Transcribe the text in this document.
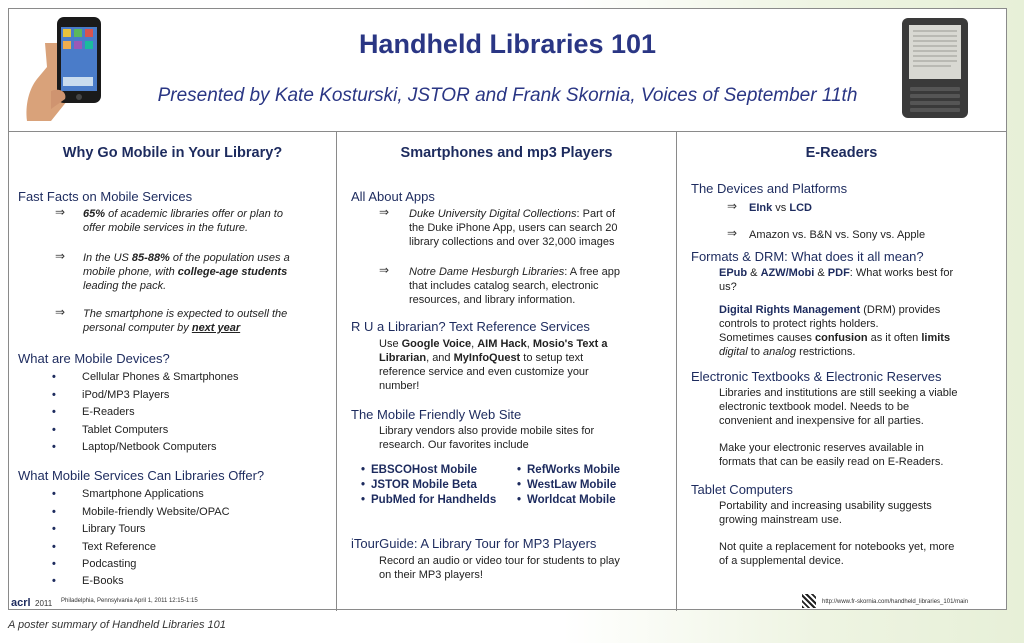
Handheld Libraries 101
Presented by Kate Kosturski, JSTOR and Frank Skornia, Voices of September 11th
Why Go Mobile in Your Library?
Fast Facts on Mobile Services
⇒ 65% of academic libraries offer or plan to
offer mobile services in the future.
⇒ In the US 85-88% of the population uses a
mobile phone, with college-age students
leading the pack.
⇒ The smartphone is expected to outsell the
personal computer by next year
What are Mobile Devices?
• Cellular Phones & Smartphones
• iPod/MP3 Players
• E-Readers
• Tablet Computers
• Laptop/Netbook Computers
What Mobile Services Can Libraries Offer?
• Smartphone Applications
• Mobile-friendly Website/OPAC
• Library Tours
• Text Reference
• Podcasting
• E-Books
acrl 2011 Philadelphia, Pennsylvania April 1, 2011 12:15-1:15
Smartphones and mp3 Players
All About Apps
⇒ Duke University Digital Collections: Part of
the Duke iPhone App, users can search 20
library collections and over 32,000 images
⇒ Notre Dame Hesburgh Libraries: A free app
that includes catalog search, electronic
resources, and library information.
R U a Librarian? Text Reference Services
Use Google Voice, AIM Hack, Mosio's Text a
Librarian, and MyInfoQuest to setup text
reference service and even customize your
number!
The Mobile Friendly Web Site
Library vendors also provide mobile sites for
research. Our favorites include
• EBSCOHost Mobile
• JSTOR Mobile Beta
• PubMed for Handhelds
• RefWorks Mobile
• WestLaw Mobile
• Worldcat Mobile
iTourGuide: A Library Tour for MP3 Players
Record an audio or video tour for students to play
on their MP3 players!
E-Readers
The Devices and Platforms
⇒ EInk vs LCD
⇒ Amazon vs. B&N vs. Sony vs. Apple
Formats & DRM: What does it all mean?
EPub & AZW/Mobi & PDF: What works best for
us?
Digital Rights Management (DRM) provides
controls to protect rights holders.
Sometimes causes confusion as it often limits
digital to analog restrictions.
Electronic Textbooks & Electronic Reserves
Libraries and institutions are still seeking a viable
electronic textbook model. Needs to be
convenient and inexpensive for all parties.
Make your electronic reserves available in
formats that can be easily read on E-Readers.
Tablet Computers
Portability and increasing usability suggests
growing mainstream use.
Not quite a replacement for notebooks yet, more
of a supplemental device.
http://www.fr-skornia.com/handheld_libraries_101/main
A poster summary of Handheld Libraries 101
